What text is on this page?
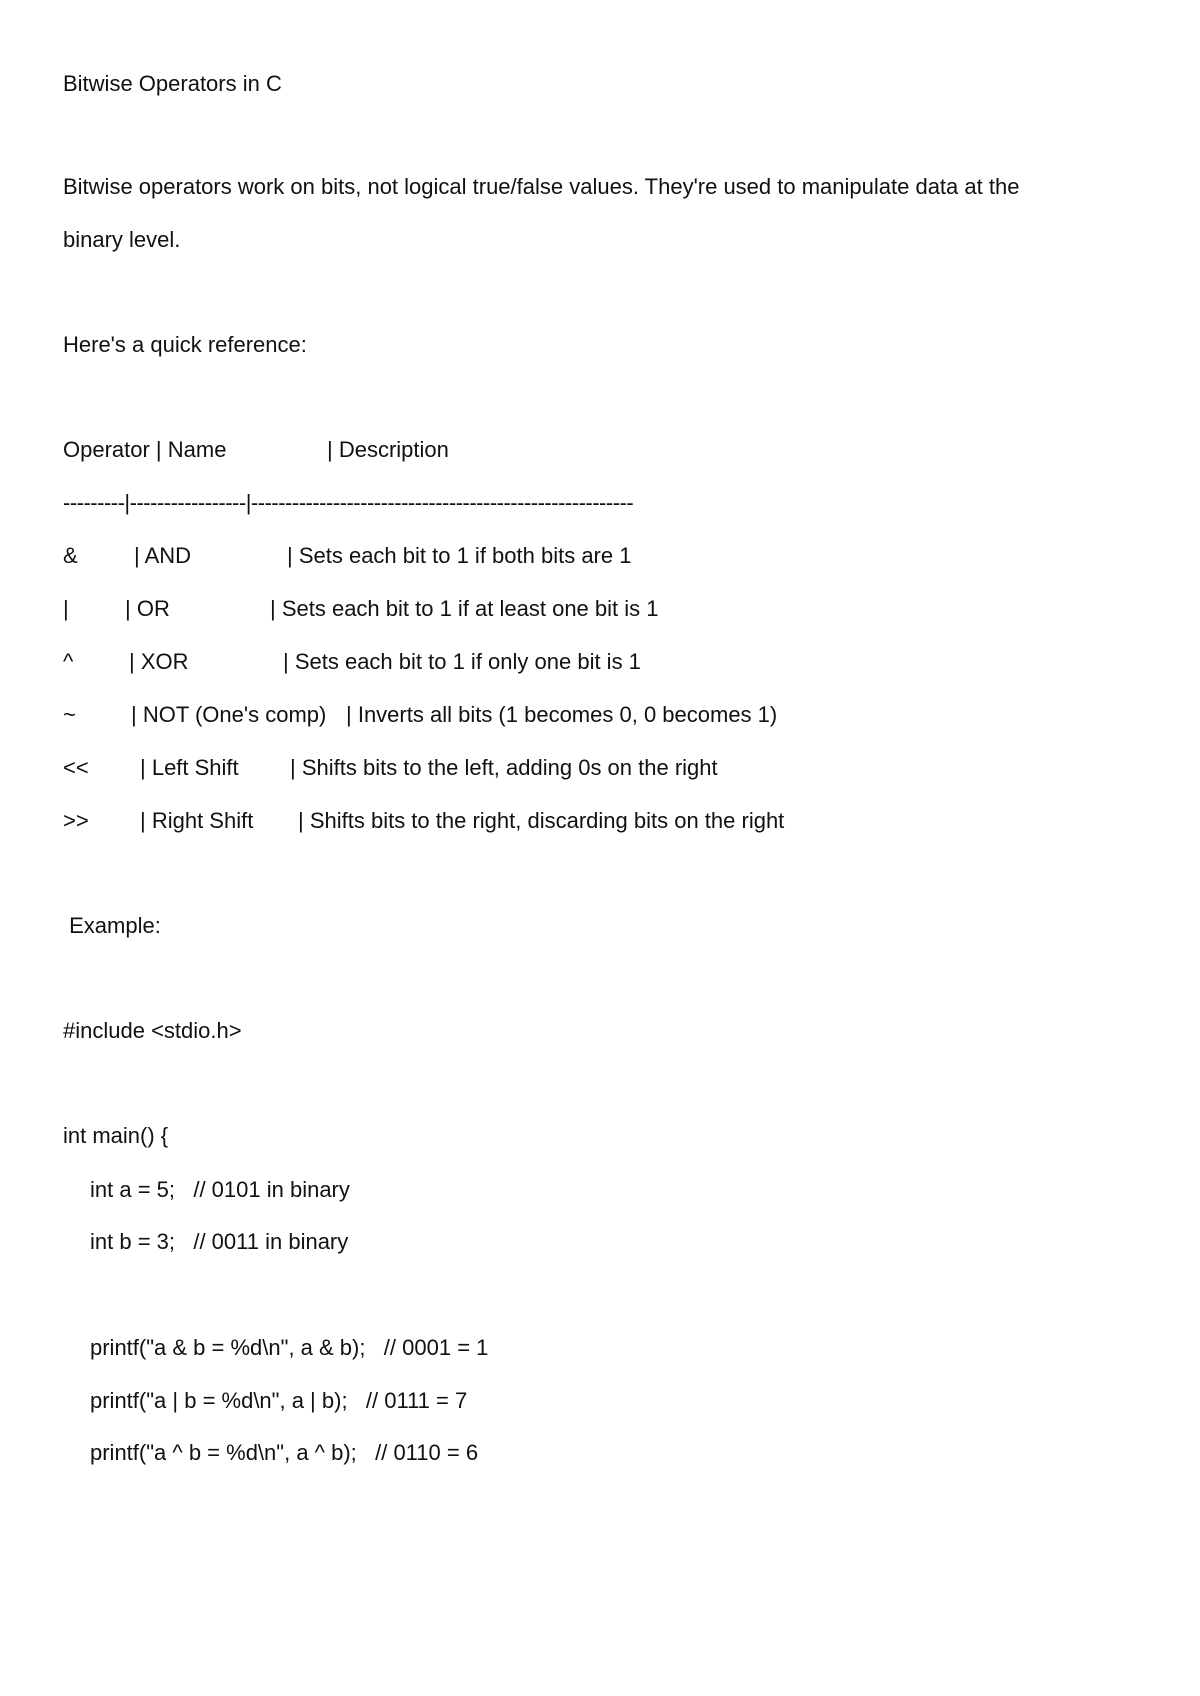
Bitwise Operators in C
Bitwise operators work on bits, not logical true/false values. They're used to manipulate data at the
binary level.
Here's a quick reference:
Operator | Name	| Description
---------|-----------------|--------------------------------------------------------
&	| AND	| Sets each bit to 1 if both bits are 1
|	| OR	| Sets each bit to 1 if at least one bit is 1
^	| XOR	| Sets each bit to 1 if only one bit is 1
~	| NOT (One's comp) | Inverts all bits (1 becomes 0, 0 becomes 1)
<< | Left Shift | Shifts bits to the left, adding 0s on the right
>> | Right Shift | Shifts bits to the right, discarding bits on the right
Example:
#include <stdio.h>
int main() {
int a = 5;   // 0101 in binary
int b = 3;   // 0011 in binary
printf("a & b = %d\n", a & b);   // 0001 = 1
printf("a | b = %d\n", a | b);   // 0111 = 7
printf("a ^ b = %d\n", a ^ b);   // 0110 = 6
